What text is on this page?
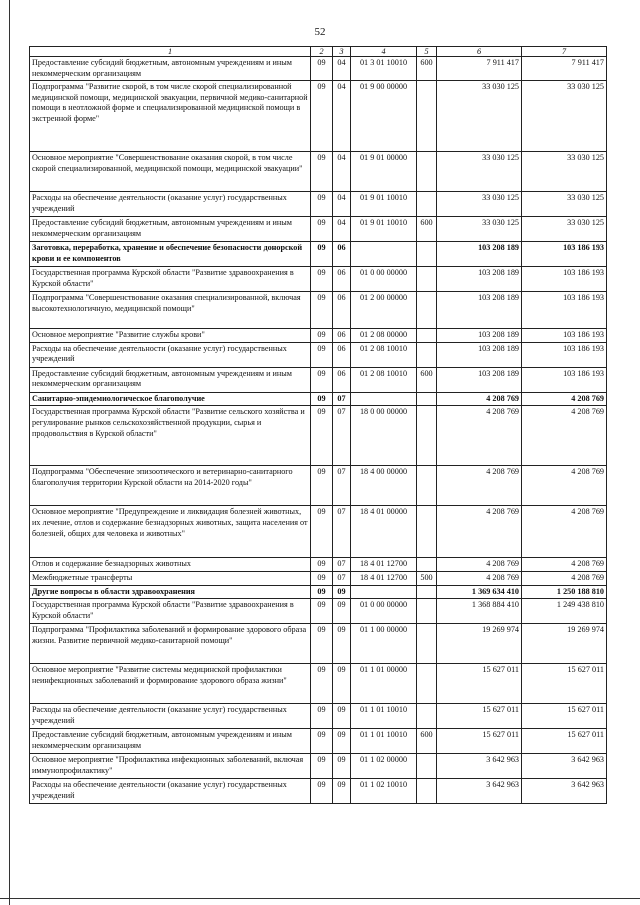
52
1	2	3	4	5	6	7
Предоставление субсидий бюджетным, автономным учреждениям и иным некоммерческим организациям	09	04	01 3 01 10010	600	7 911 417	7 911 417
Подпрограмма "Развитие скорой, в том числе скорой специализированной медицинской помощи, медицинской эвакуации, первичной медико-санитарной помощи в неотложной форме и специализированной медицинской помощи в экстренной форме"	09	04	01 9 00 00000		33 030 125	33 030 125
Основное мероприятие "Совершенствование оказания скорой, в том числе скорой специализированной, медицинской помощи, медицинской эвакуации"	09	04	01 9 01 00000		33 030 125	33 030 125
Расходы на обеспечение деятельности (оказание услуг) государственных учреждений	09	04	01 9 01 10010		33 030 125	33 030 125
Предоставление субсидий бюджетным, автономным учреждениям и иным некоммерческим организациям	09	04	01 9 01 10010	600	33 030 125	33 030 125
Заготовка, переработка, хранение и обеспечение безопасности донорской крови и ее компонентов	09	06			103 208 189	103 186 193
Государственная программа Курской области "Развитие здравоохранения в Курской области"	09	06	01 0 00 00000		103 208 189	103 186 193
Подпрограмма "Совершенствование оказания специализированной, включая высокотехнологичную, медицинской помощи"	09	06	01 2 00 00000		103 208 189	103 186 193
Основное мероприятие "Развитие службы крови"	09	06	01 2 08 00000		103 208 189	103 186 193
Расходы на обеспечение деятельности (оказание услуг) государственных учреждений	09	06	01 2 08 10010		103 208 189	103 186 193
Предоставление субсидий бюджетным, автономным учреждениям и иным некоммерческим организациям	09	06	01 2 08 10010	600	103 208 189	103 186 193
Санитарно-эпидемиологическое благополучие	09	07			4 208 769	4 208 769
Государственная программа Курской области "Развитие сельского хозяйства и регулирование рынков сельскохозяйственной продукции, сырья и продовольствия в Курской области"	09	07	18 0 00 00000		4 208 769	4 208 769
Подпрограмма "Обеспечение эпизоотического и ветеринарно-санитарного благополучия территории Курской области на 2014-2020 годы"	09	07	18 4 00 00000		4 208 769	4 208 769
Основное мероприятие "Предупреждение и ликвидация болезней животных, их лечение, отлов и содержание безнадзорных животных, защита населения от болезней, общих для человека и животных"	09	07	18 4 01 00000		4 208 769	4 208 769
Отлов и содержание безнадзорных животных	09	07	18 4 01 12700		4 208 769	4 208 769
Межбюджетные трансферты	09	07	18 4 01 12700	500	4 208 769	4 208 769
Другие вопросы в области здравоохранения	09	09			1 369 634 410	1 250 188 810
Государственная программа Курской области "Развитие здравоохранения в Курской области"	09	09	01 0 00 00000		1 368 884 410	1 249 438 810
Подпрограмма "Профилактика заболеваний и формирование здорового образа жизни. Развитие первичной медико-санитарной помощи"	09	09	01 1 00 00000		19 269 974	19 269 974
Основное мероприятие "Развитие системы медицинской профилактики неинфекционных заболеваний и формирование здорового образа жизни"	09	09	01 1 01 00000		15 627 011	15 627 011
Расходы на обеспечение деятельности (оказание услуг) государственных учреждений	09	09	01 1 01 10010		15 627 011	15 627 011
Предоставление субсидий бюджетным, автономным учреждениям и иным некоммерческим организациям	09	09	01 1 01 10010	600	15 627 011	15 627 011
Основное мероприятие "Профилактика инфекционных заболеваний, включая иммунопрофилактику"	09	09	01 1 02 00000		3 642 963	3 642 963
Расходы на обеспечение деятельности (оказание услуг) государственных учреждений	09	09	01 1 02 10010		3 642 963	3 642 963
